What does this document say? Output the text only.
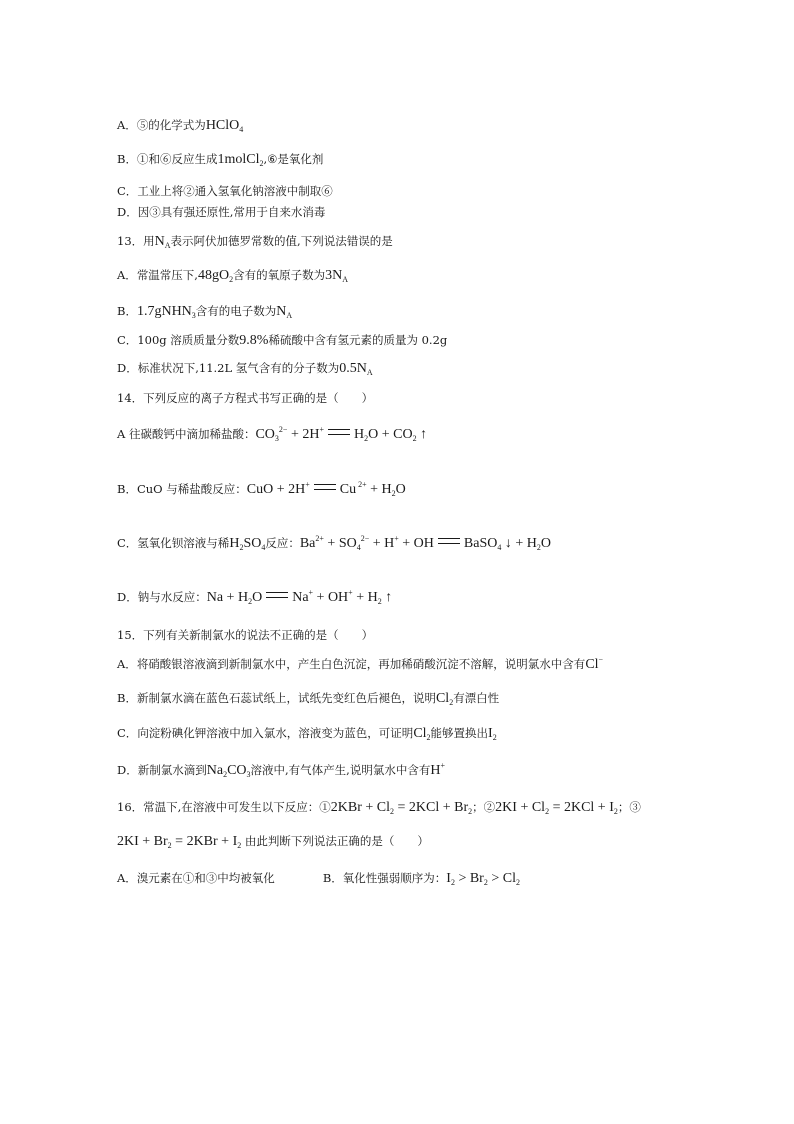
A．⑤的化学式为HClO$_4$
B．①和⑥反应生成1molCl$_2$,⑥是氧化剂
C．工业上将②通入氢氧化钠溶液中制取⑥
D．因③具有强还原性,常用于自来水消毒
13．用$N_A$表示阿伏加德罗常数的值,下列说法错误的是
A．常温常压下$,48gO_2$含有的氧原子数为$3N_A$
B．1.7gNHN$_3$含有的电子数为$N_A$
C．100g 溶质质量分数9.8%稀硫酸中含有氢元素的质量为 0.2g
D．标准状况下,11.2L 氢气含有的分子数为$0.5N_A$
14．下列反应的离子方程式书写正确的是（　　）
A 往碳酸钙中滴加稀盐酸：$CO_3^{2-} + 2H^+$ $H_2O + CO_2$ ↑
B．CuO 与稀盐酸反应：CuO + 2H+ Cu $^{2+} + H_2O$
C．氢氧化钡溶液与稀$H_2SO_4$反应：$Ba^{2+} + SO_4^{2-} + H^+$ + OH BaSO$_4$ ↓ + $H_2O$
D．钠与水反应：$Na + H_2O$ $Na^+ + OH^+ + H_2$ ↑
15．下列有关新制氯水的说法不正确的是（　　）
A．将硝酸银溶液滴到新制氯水中，产生白色沉淀，再加稀硝酸沉淀不溶解，说明氯水中含有Cl−
B．新制氯水滴在蓝色石蕊试纸上，试纸先变红色后褪色，说明$Cl_2$有漂白性
C．向淀粉碘化钾溶液中加入氯水，溶液变为蓝色，可证明$Cl_2$能够置换出$I_2$
D．新制氯水滴到$Na_2CO_3$溶液中,有气体产生,说明氯水中含有H+
16．常温下,在溶液中可发生以下反应：①2KBr + $Cl_2 = 2KCl + Br_2$；②2KI + $Cl_2 = 2KCl + I_2$；③
$2KI + Br_2 = 2KBr + I_2$ 由此判断下列说法正确的是（　　）
A．溴元素在①和③中均被氧化	B．氧化性强弱顺序为：$I_2 > Br_2 > Cl_2$
